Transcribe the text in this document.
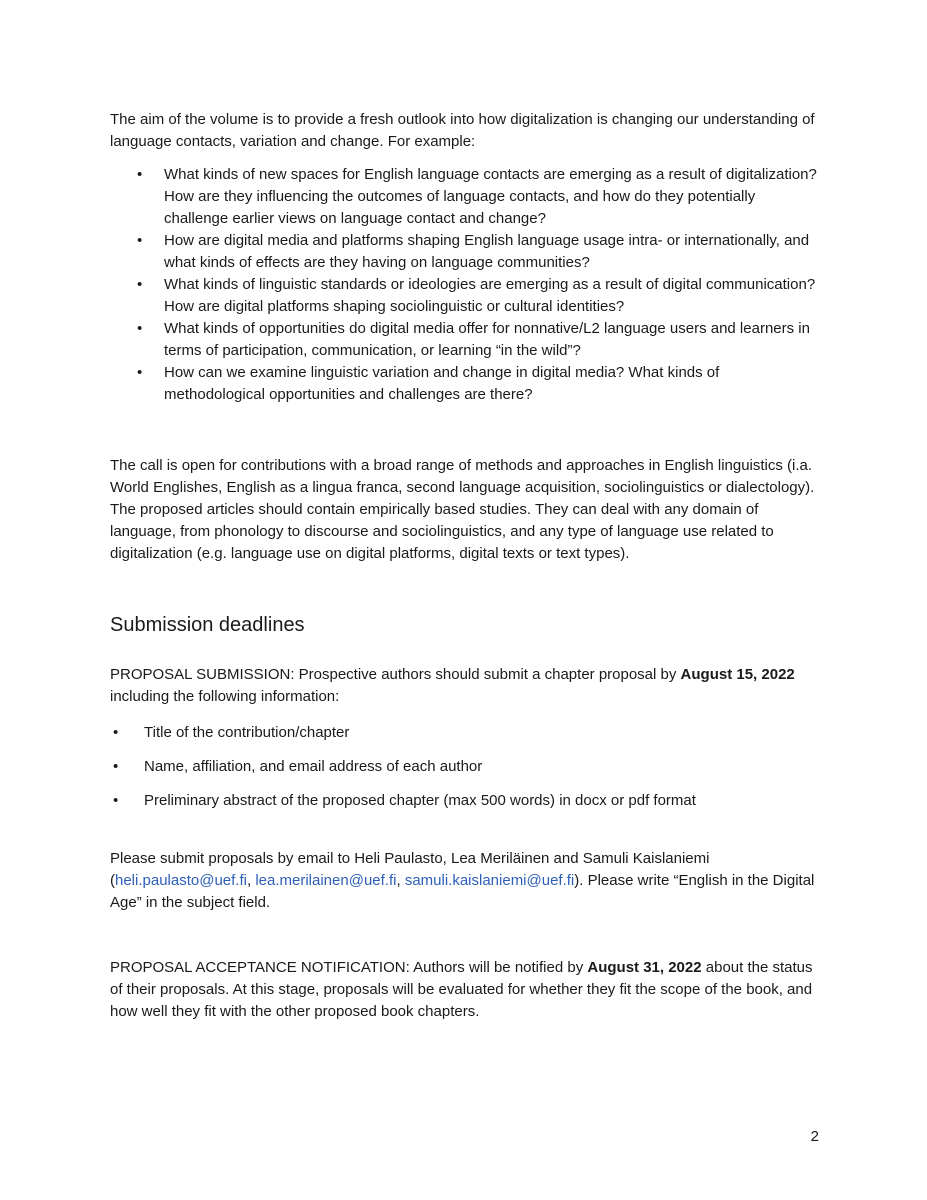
The aim of the volume is to provide a fresh outlook into how digitalization is changing our understanding of language contacts, variation and change. For example:

• What kinds of new spaces for English language contacts are emerging as a result of digitalization? How are they influencing the outcomes of language contacts, and how do they potentially challenge earlier views on language contact and change?
• How are digital media and platforms shaping English language usage intra- or internationally, and what kinds of effects are they having on language communities?
• What kinds of linguistic standards or ideologies are emerging as a result of digital communication? How are digital platforms shaping sociolinguistic or cultural identities?
• What kinds of opportunities do digital media offer for nonnative/L2 language users and learners in terms of participation, communication, or learning “in the wild”?
• How can we examine linguistic variation and change in digital media? What kinds of methodological opportunities and challenges are there?

The call is open for contributions with a broad range of methods and approaches in English linguistics (i.a. World Englishes, English as a lingua franca, second language acquisition, sociolinguistics or dialectology). The proposed articles should contain empirically based studies. They can deal with any domain of language, from phonology to discourse and sociolinguistics, and any type of language use related to digitalization (e.g. language use on digital platforms, digital texts or text types).

Submission deadlines

PROPOSAL SUBMISSION: Prospective authors should submit a chapter proposal by August 15, 2022 including the following information:

• Title of the contribution/chapter
• Name, affiliation, and email address of each author
• Preliminary abstract of the proposed chapter (max 500 words) in docx or pdf format

Please submit proposals by email to Heli Paulasto, Lea Meriläinen and Samuli Kaislaniemi (heli.paulasto@uef.fi, lea.merilainen@uef.fi, samuli.kaislaniemi@uef.fi). Please write “English in the Digital Age” in the subject field.

PROPOSAL ACCEPTANCE NOTIFICATION: Authors will be notified by August 31, 2022 about the status of their proposals. At this stage, proposals will be evaluated for whether they fit the scope of the book, and how well they fit with the other proposed book chapters.

2
